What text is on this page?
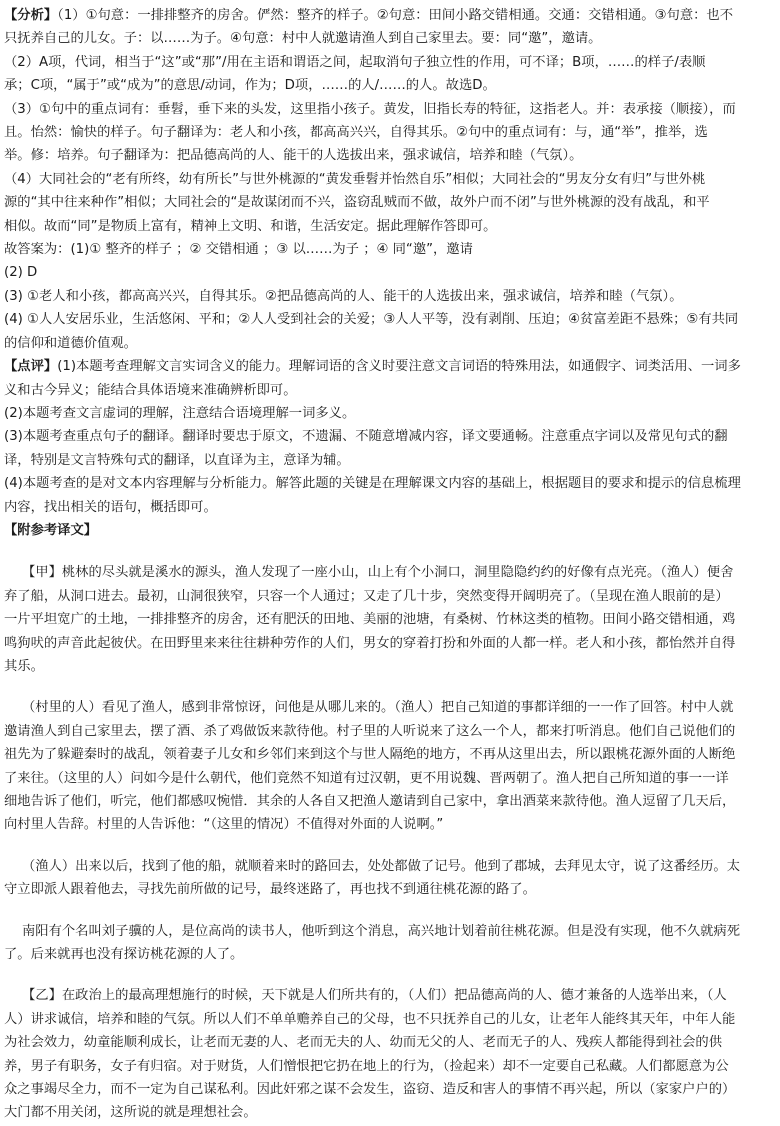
【分析】（1）①句意：一排排整齐的房舍。俨然：整齐的样子。②句意：田间小路交错相通。交通：交错相通。③句意：也不
只抚养自己的儿女。子：以……为子。④句意：村中人就邀请渔人到自己家里去。要：同“邀”，邀请。
（2）A项，代词，相当于“这”或“那”/用在主语和谓语之间，起取消句子独立性的作用，可不译；B项，……的样子/表顺
承；C项，“属于”或“成为”的意思/动词，作为；D项，……的人/……的人。故选D。
（3）①句中的重点词有：垂髫，垂下来的头发，这里指小孩子。黄发，旧指长寿的特征，这指老人。并：表承接（顺接），而
且。怡然：愉快的样子。句子翻译为：老人和小孩，都高高兴兴，自得其乐。②句中的重点词有：与，通“举”，推举，选
举。修：培养。句子翻译为：把品德高尚的人、能干的人选拔出来，强求诚信，培养和睦（气氛）。
（4）大同社会的“老有所终，幼有所长”与世外桃源的“黄发垂髫并怡然自乐”相似；大同社会的“男友分女有归”与世外桃
源的“其中往来种作”相似；大同社会的“是故谋闭而不兴，盗窃乱贼而不做，故外户而不闭”与世外桃源的没有战乱，和平
相似。故而“同”是物质上富有，精神上文明、和谐，生活安定。据此理解作答即可。
故答案为：(1)① 整齐的样子 ；② 交错相通 ；③ 以……为子 ；④ 同“邀”，邀请
(2) D
(3) ①老人和小孩，都高高兴兴，自得其乐。②把品德高尚的人、能干的人选拔出来，强求诚信，培养和睦（气氛）。
(4) ①人人安居乐业，生活悠闲、平和；②人人受到社会的关爱；③人人平等，没有剥削、压迫；④贫富差距不悬殊；⑤有共同
的信仰和道德价值观。
【点评】(1)本题考查理解文言实词含义的能力。理解词语的含义时要注意文言词语的特殊用法，如通假字、词类活用、一词多
义和古今异义；能结合具体语境来准确辨析即可。
(2)本题考查文言虚词的理解，注意结合语境理解一词多义。
(3)本题考查重点句子的翻译。翻译时要忠于原文，不遗漏、不随意增减内容，译文要通畅。注意重点字词以及常见句式的翻
译，特别是文言特殊句式的翻译，以直译为主，意译为辅。
(4)本题考查的是对文本内容理解与分析能力。解答此题的关键是在理解课文内容的基础上，根据题目的要求和提示的信息梳理
内容，找出相关的语句，概括即可。
【附参考译文】
【甲】桃林的尽头就是溪水的源头，渔人发现了一座小山，山上有个小洞口，洞里隐隐约约的好像有点光亮。（渔人）便舍
弃了船，从洞口进去。最初，山洞很狭窄，只容一个人通过；又走了几十步，突然变得开阔明亮了。（呈现在渔人眼前的是）
一片平坦宽广的土地，一排排整齐的房舍，还有肥沃的田地、美丽的池塘，有桑树、竹林这类的植物。田间小路交错相通，鸡
鸣狗吠的声音此起彼伏。在田野里来来往往耕种劳作的人们，男女的穿着打扮和外面的人都一样。老人和小孩，都怡然并自得
其乐。
（村里的人）看见了渔人，感到非常惊讶，问他是从哪儿来的。（渔人）把自己知道的事都详细的一一作了回答。村中人就
邀请渔人到自己家里去，摆了酒、杀了鸡做饭来款待他。村子里的人听说来了这么一个人，都来打听消息。他们自己说他们的
祖先为了躲避秦时的战乱，领着妻子儿女和乡邻们来到这个与世人隔绝的地方，不再从这里出去，所以跟桃花源外面的人断绝
了来往。（这里的人）问如今是什么朝代，他们竟然不知道有过汉朝，更不用说魏、晋两朝了。渔人把自己所知道的事一一详
细地告诉了他们，听完，他们都感叹惋惜．其余的人各自又把渔人邀请到自己家中，拿出酒菜来款待他。渔人逗留了几天后，
向村里人告辞。村里的人告诉他：“（这里的情况）不值得对外面的人说啊。”
（渔人）出来以后，找到了他的船，就顺着来时的路回去，处处都做了记号。他到了郡城，去拜见太守，说了这番经历。太
守立即派人跟着他去，寻找先前所做的记号，最终迷路了，再也找不到通往桃花源的路了。
南阳有个名叫刘子骥的人，是位高尚的读书人，他听到这个消息，高兴地计划着前往桃花源。但是没有实现，他不久就病死
了。后来就再也没有探访桃花源的人了。
【乙】在政治上的最高理想施行的时候，天下就是人们所共有的，（人们）把品德高尚的人、德才兼备的人选举出来，（人
人）讲求诚信，培养和睦的气氛。所以人们不单单赡养自己的父母，也不只抚养自己的儿女，让老年人能终其天年，中年人能
为社会效力，幼童能顺利成长，让老而无妻的人、老而无夫的人、幼而无父的人、老而无子的人、残疾人都能得到社会的供
养，男子有职务，女子有归宿。对于财货，人们憎恨把它扔在地上的行为，（捡起来）却不一定要自己私藏。人们都愿意为公
众之事竭尽全力，而不一定为自己谋私利。因此奸邪之谋不会发生，盗窃、造反和害人的事情不再兴起，所以（家家户户的）
大门都不用关闭，这所说的就是理想社会。
